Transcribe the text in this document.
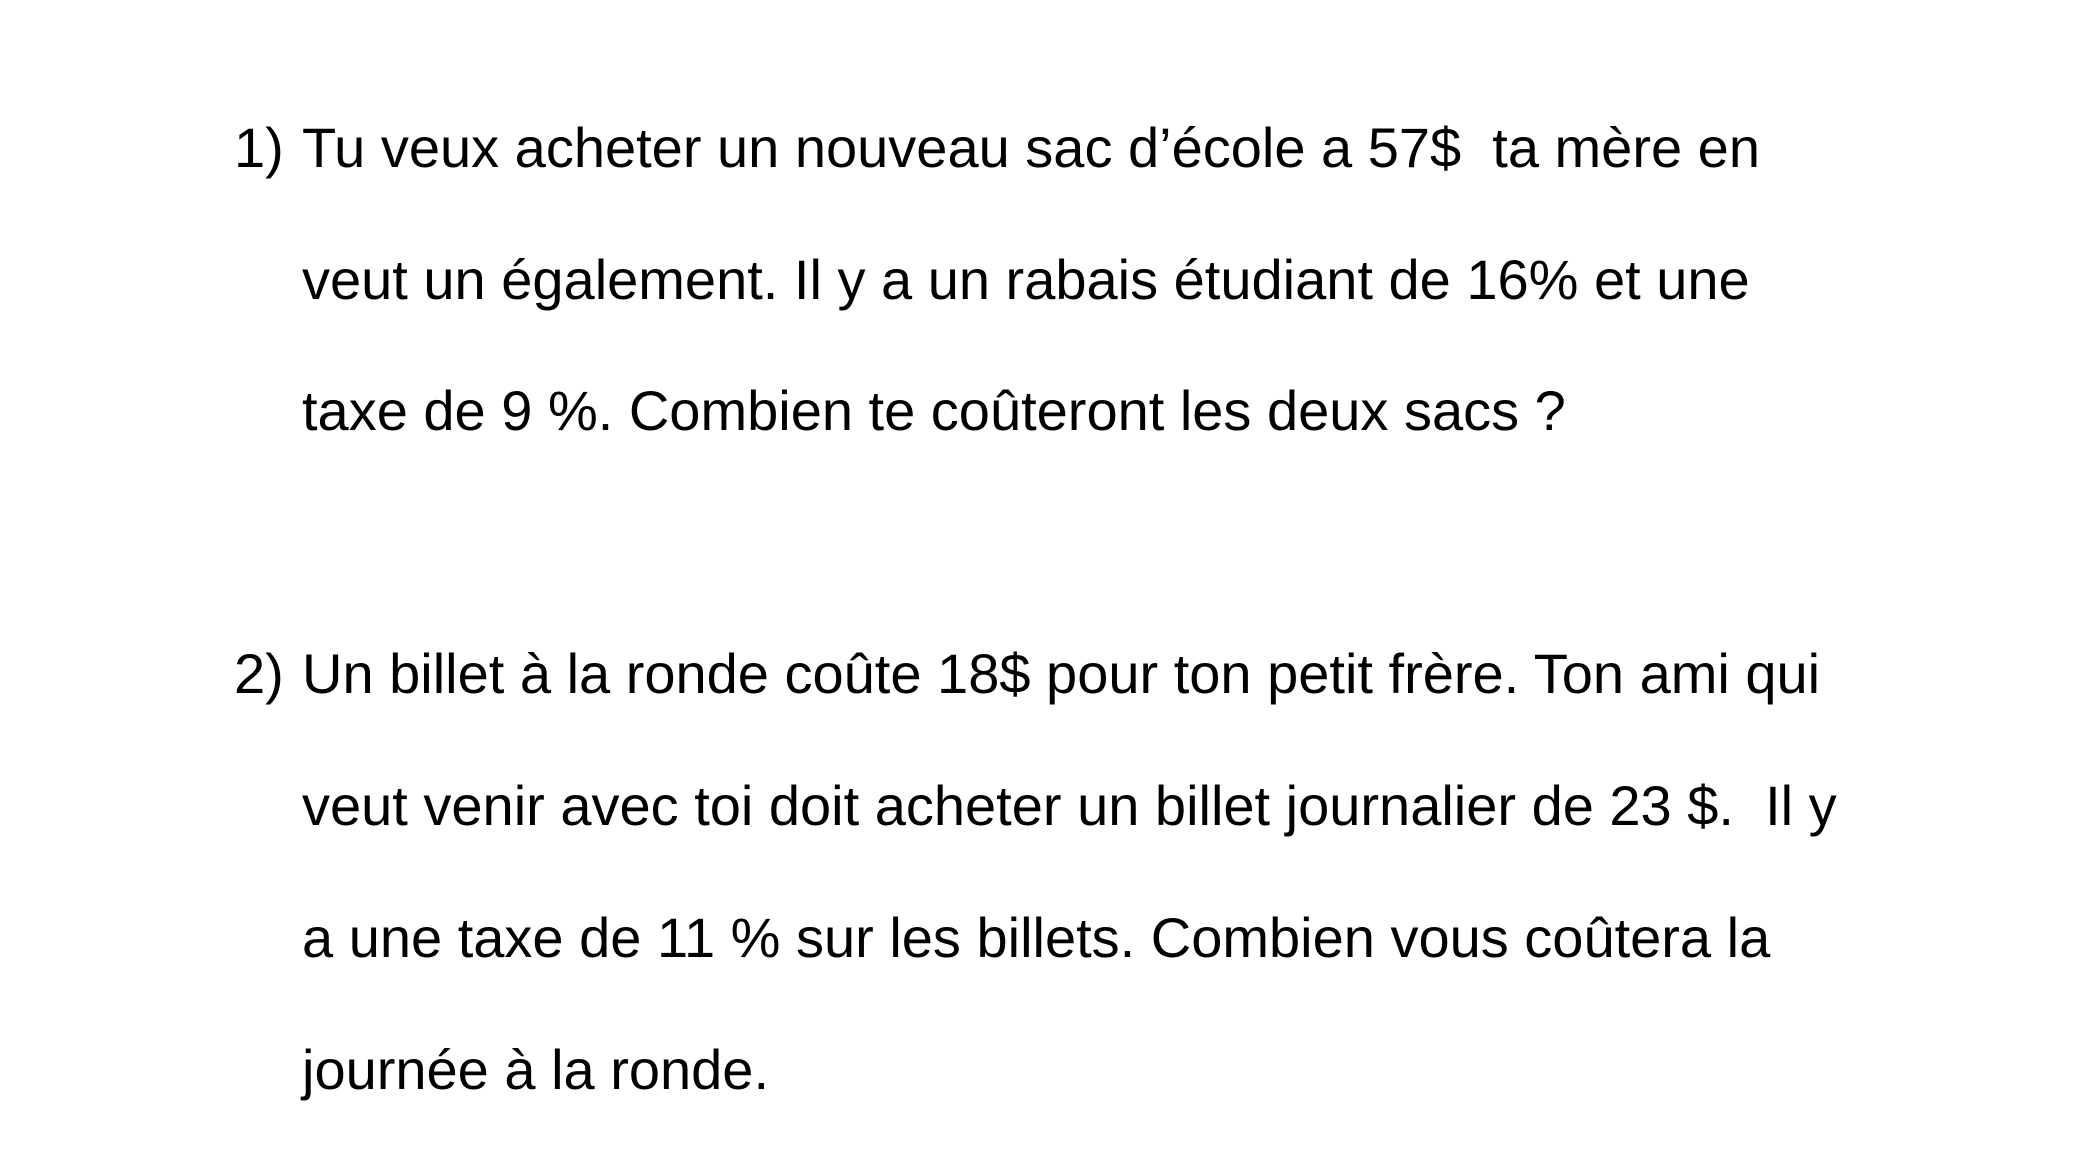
1) Tu veux acheter un nouveau sac d’école a 57$  ta mère en
veut un également. Il y a un rabais étudiant de 16% et une
taxe de 9 %. Combien te coûteront les deux sacs ?
2) Un billet à la ronde coûte 18$ pour ton petit frère. Ton ami qui
veut venir avec toi doit acheter un billet journalier de 23 $.  Il y
a une taxe de 11 % sur les billets. Combien vous coûtera la
journée à la ronde.
